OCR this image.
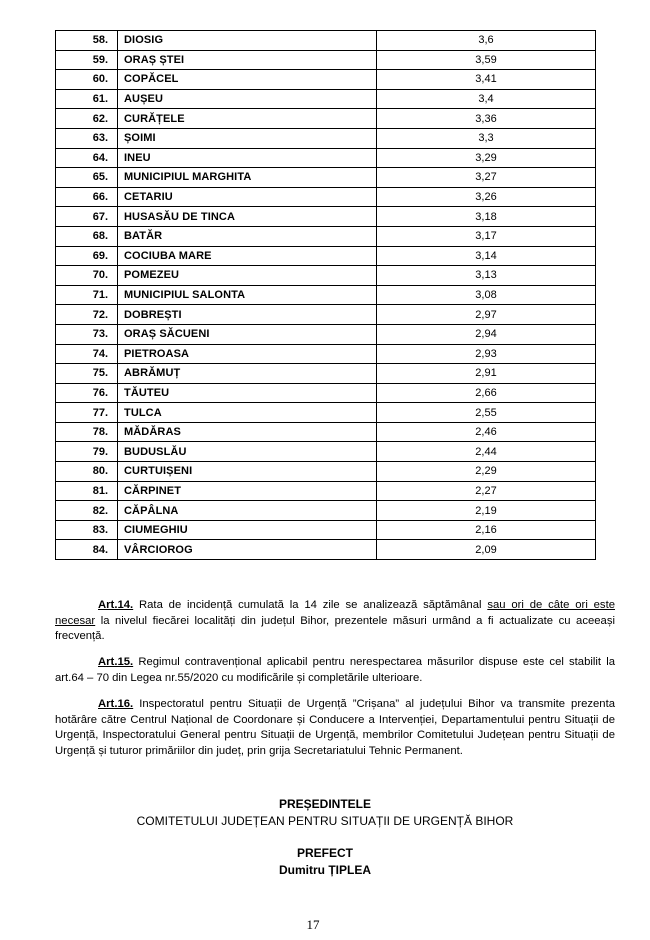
58.	DIOSIG	3,6
59.	ORAȘ ȘTEI	3,59
60.	COPĂCEL	3,41
61.	AUȘEU	3,4
62.	CURĂȚELE	3,36
63.	ȘOIMI	3,3
64.	INEU	3,29
65.	MUNICIPIUL MARGHITA	3,27
66.	CETARIU	3,26
67.	HUSASĂU DE TINCA	3,18
68.	BATĂR	3,17
69.	COCIUBA MARE	3,14
70.	POMEZEU	3,13
71.	MUNICIPIUL SALONTA	3,08
72.	DOBREȘTI	2,97
73.	ORAȘ SĂCUENI	2,94
74.	PIETROASA	2,93
75.	ABRĂMUȚ	2,91
76.	TĂUTEU	2,66
77.	TULCA	2,55
78.	MĂDĂRAS	2,46
79.	BUDUSLĂU	2,44
80.	CURTUIȘENI	2,29
81.	CĂRPINET	2,27
82.	CĂPÂLNA	2,19
83.	CIUMEGHIU	2,16
84.	VÂRCIOROG	2,09
Art.14. Rata de incidență cumulată la 14 zile se analizează săptămânal sau ori de câte ori este necesar la nivelul fiecărei localități din județul Bihor, prezentele măsuri urmând a fi actualizate cu aceeași frecvență.
Art.15. Regimul contravențional aplicabil pentru nerespectarea măsurilor dispuse este cel stabilit la art.64 – 70 din Legea nr.55/2020 cu modificările și completările ulterioare.
Art.16. Inspectoratul pentru Situații de Urgență ”Crișana” al județului Bihor va transmite prezenta hotărâre către Centrul Național de Coordonare și Conducere a Intervenției, Departamentului pentru Situații de Urgență, Inspectoratului General pentru Situații de Urgență, membrilor Comitetului Județean pentru Situații de Urgență și tuturor primăriilor din județ, prin grija Secretariatului Tehnic Permanent.
PREȘEDINTELE
COMITETULUI JUDEȚEAN PENTRU SITUAȚII DE URGENȚĂ BIHOR
PREFECT
Dumitru ȚIPLEA
17
